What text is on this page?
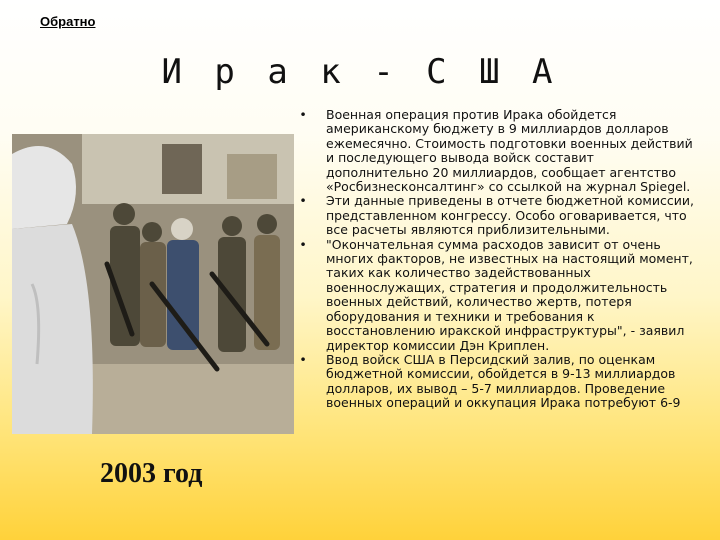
Обратно
И р а к - С Ш А
2003 год
• Военная операция против Ирака обойдется американскому бюджету в 9 миллиардов долларов ежемесячно. Стоимость подготовки военных действий и последующего вывода войск составит дополнительно 20 миллиардов, сообщает агентство «Росбизнесконсалтинг» со ссылкой на журнал Spiegel.
• Эти данные приведены в отчете бюджетной комиссии, представленном конгрессу. Особо оговаривается, что все расчеты являются приблизительными.
• "Окончательная сумма расходов зависит от очень многих факторов, не известных на настоящий момент, таких как количество задействованных военнослужащих, стратегия и продолжительность военных действий, количество жертв, потеря оборудования и техники и требования к восстановлению иракской инфраструктуры", - заявил директор комиссии Дэн Криплен.
• Ввод войск США в Персидский залив, по оценкам бюджетной комиссии, обойдется в 9-13 миллиардов долларов, их вывод – 5-7 миллиардов. Проведение военных операций и оккупация Ирака потребуют 6-9
